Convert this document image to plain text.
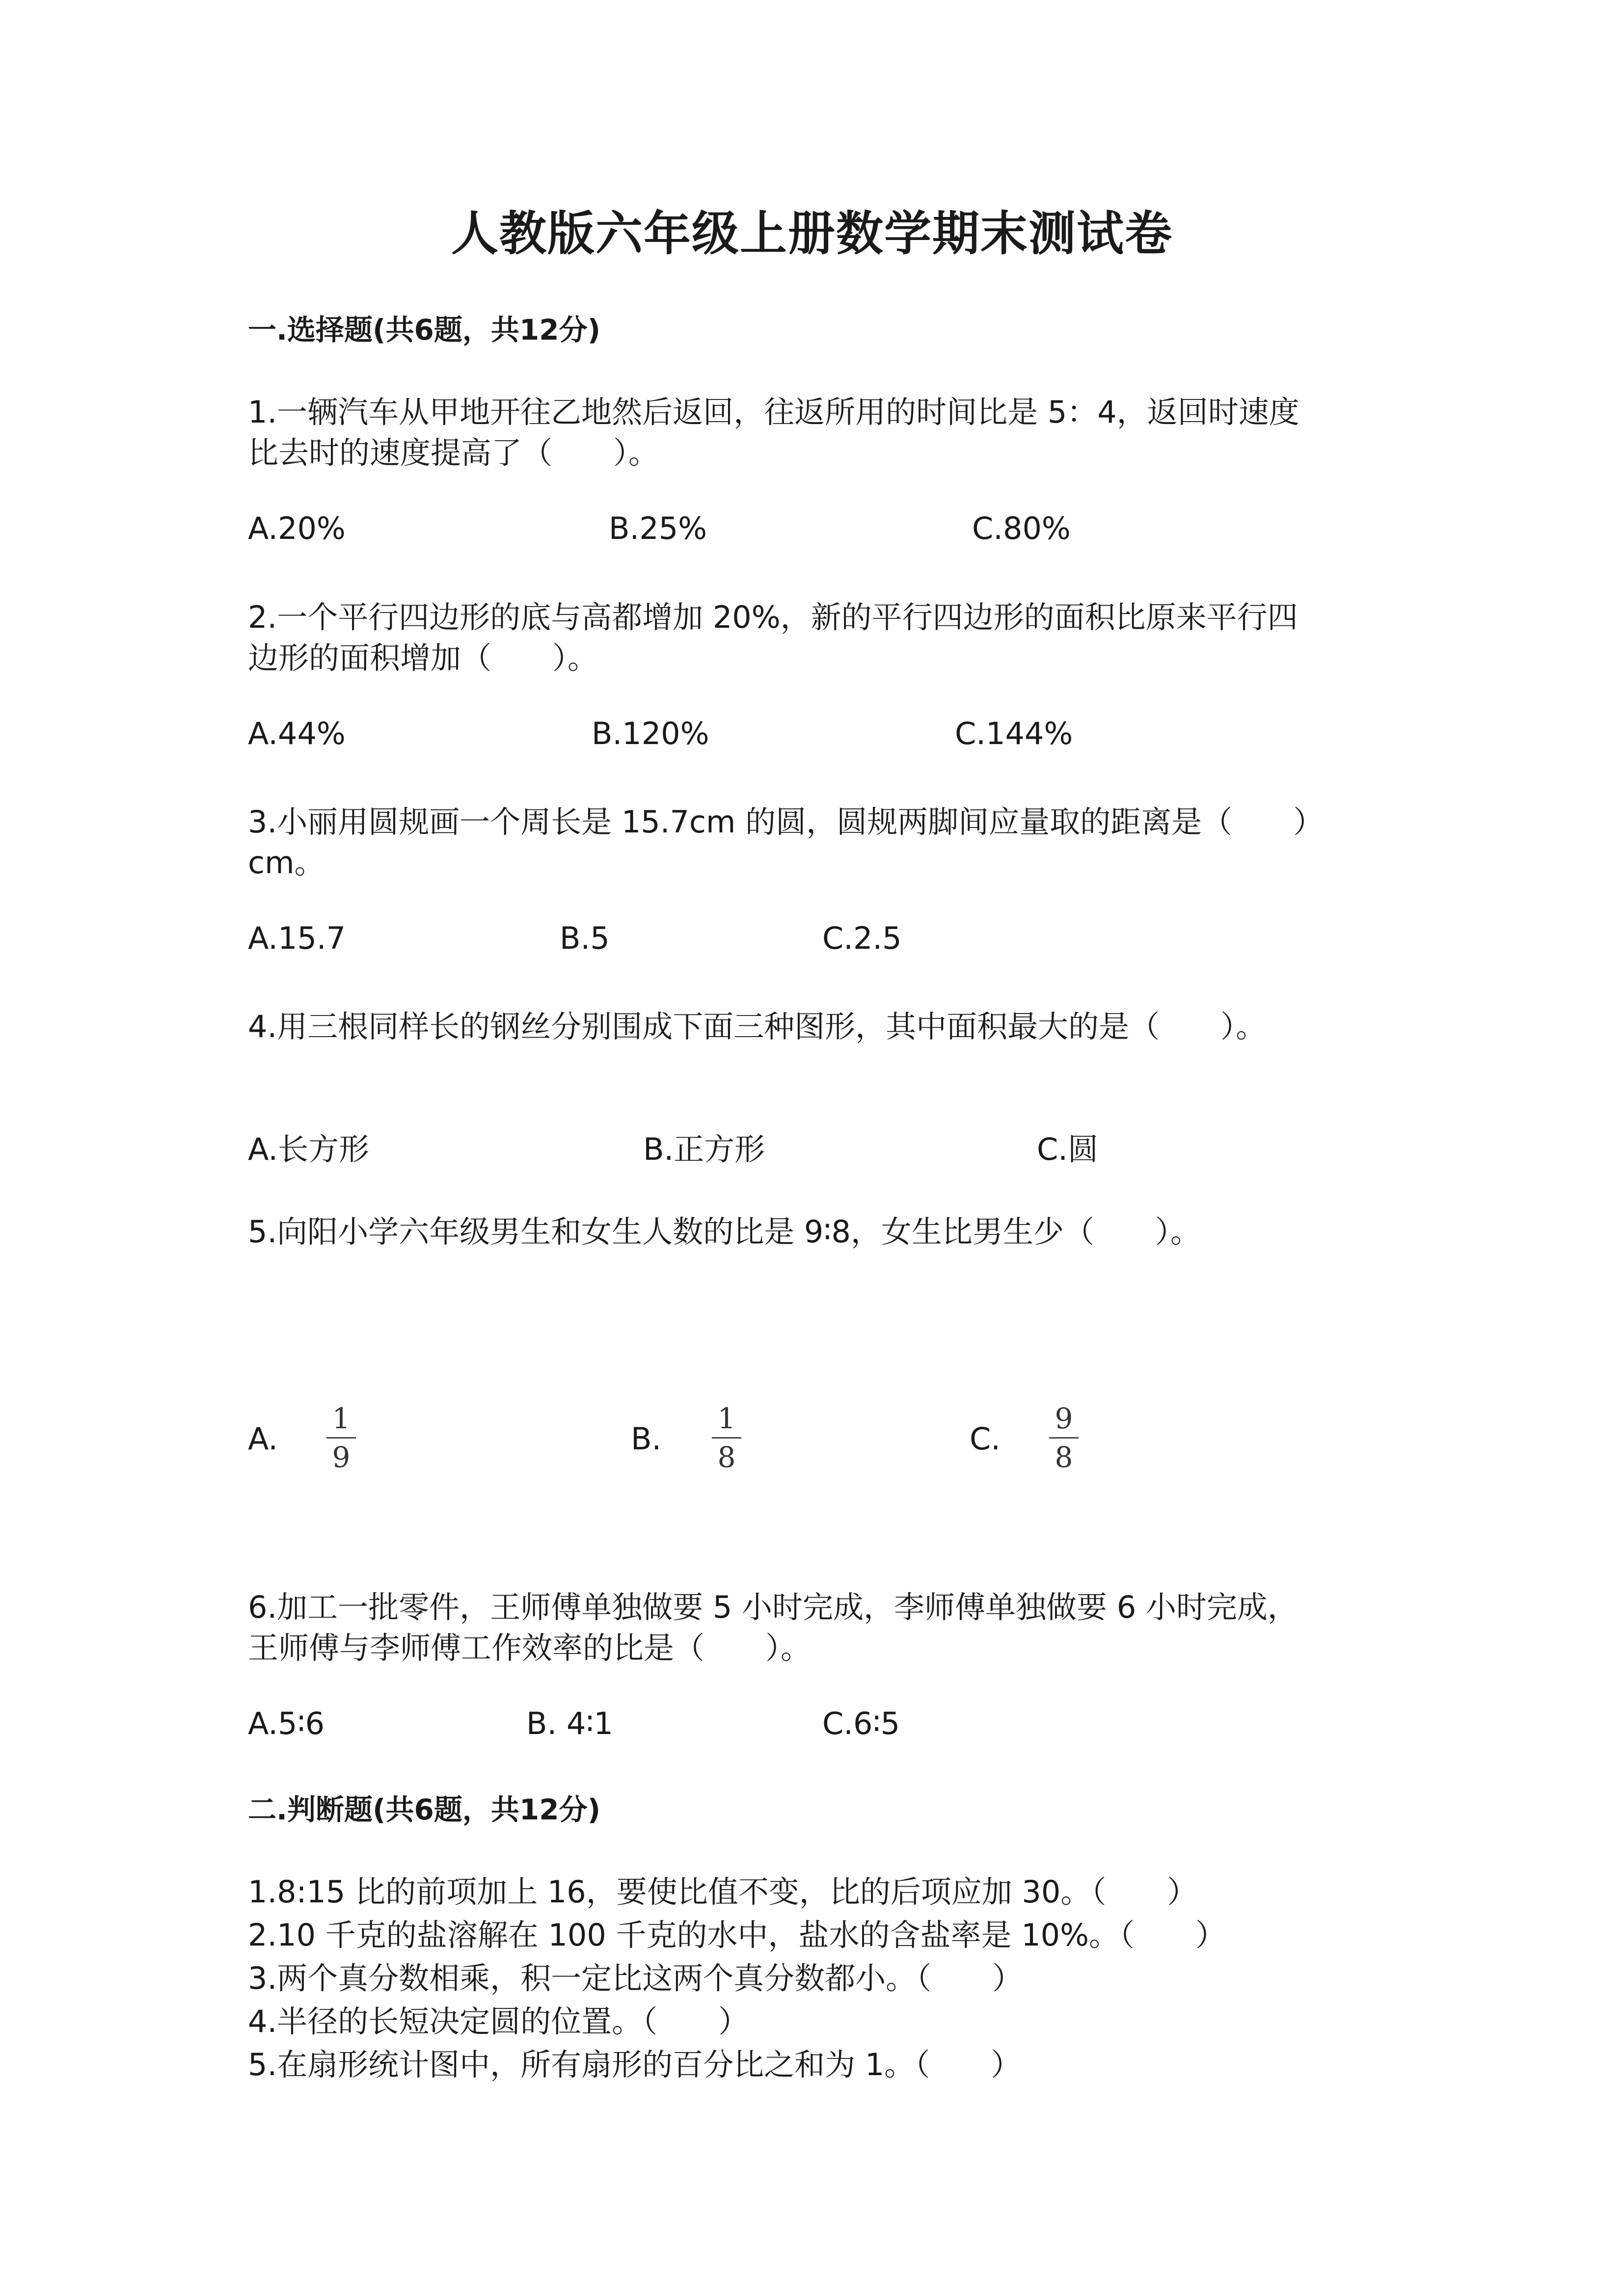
人教版六年级上册数学期末测试卷
一.选择题(共6题，共12分)
1.一辆汽车从甲地开往乙地然后返回，往返所用的时间比是 5：4，返回时速度
比去时的速度提高了（　　）。
A.20%	B.25%	C.80%
2.一个平行四边形的底与高都增加 20%，新的平行四边形的面积比原来平行四
边形的面积增加（　　）。
A.44%	B.120%	C.144%
3.小丽用圆规画一个周长是 15.7cm 的圆，圆规两脚间应量取的距离是（　　）
cm。
A.15.7	B.5	C.2.5
4.用三根同样长的钢丝分别围成下面三种图形，其中面积最大的是（　　）。
A.长方形	B.正方形	C.圆
5.向阳小学六年级男生和女生人数的比是 9∶8，女生比男生少（　　）。
A.
1
9
B.
1
8
C.
9
8
6.加工一批零件，王师傅单独做要 5 小时完成，李师傅单独做要 6 小时完成，
王师傅与李师傅工作效率的比是（　　）。
A.5∶6	B. 4∶1	C.6∶5
二.判断题(共6题，共12分)
1.8:15 比的前项加上 16，要使比值不变，比的后项应加 30。（　　）
2.10 千克的盐溶解在 100 千克的水中，盐水的含盐率是 10%。（　　）
3.两个真分数相乘，积一定比这两个真分数都小。（　　）
4.半径的长短决定圆的位置。（　　）
5.在扇形统计图中，所有扇形的百分比之和为 1。（　　）
